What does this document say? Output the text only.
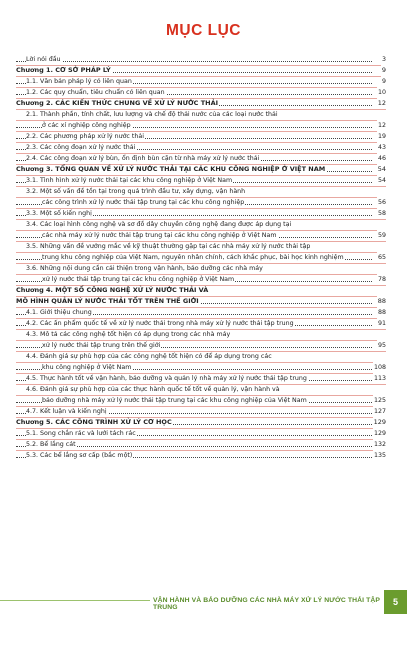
MỤC LỤC
Lời nói đầu	3
Chương 1. CƠ SỞ PHÁP LÝ	9
1.1. Văn bản pháp lý có liên quan	9
1.2. Các quy chuẩn, tiêu chuẩn có liên quan	10
Chương 2. CÁC KIẾN THỨC CHUNG VỀ XỬ LÝ NƯỚC THẢI	12
2.1. Thành phần, tính chất, lưu lượng và chế độ thải nước của các loại nước thải
ở các xí nghiệp công nghiệp	12
2.2. Các phương pháp xử lý nước thải	19
2.3. Các công đoạn xử lý nước thải	43
2.4. Các công đoạn xử lý bùn, ổn định bùn cặn từ nhà máy xử lý nước thải	46
Chương 3. TỔNG QUAN VỀ XỬ LÝ NƯỚC THẢI TẠI CÁC KHU CÔNG NGHIỆP Ở VIỆT NAM	54
3.1. Tình hình xử lý nước thải tại các khu công nghiệp ở Việt Nam	54
3.2. Một số vấn đề tồn tại trong quá trình đầu tư, xây dựng, vận hành
các công trình xử lý nước thải tập trung tại các khu công nghiệp	56
3.3. Một số kiến nghị	58
3.4. Các loại hình công nghệ và sơ đồ dây chuyền công nghệ đang được áp dụng tại
các nhà máy xử lý nước thải tập trung tại các khu công nghiệp ở Việt Nam	59
3.5. Những vấn đề vướng mắc về kỹ thuật thường gặp tại các nhà máy xử lý nước thải tập
trung khu công nghiệp của Việt Nam, nguyên nhân chính, cách khắc phục, bài học kinh nghiệm	65
3.6. Những nội dung cần cải thiện trong vận hành, bảo dưỡng các nhà máy
xử lý nước thải tập trung tại các khu công nghiệp ở Việt Nam	78
Chương 4. MỘT SỐ CÔNG NGHỆ XỬ LÝ NƯỚC THẢI VÀ
MÔ HÌNH QUẢN LÝ NƯỚC THẢI TỐT TRÊN THẾ GIỚI	88
4.1. Giới thiệu chung	88
4.2. Các ấn phẩm quốc tế về xử lý nước thải trong nhà máy xử lý nước thải tập trung	91
4.3. Mô tả các công nghệ tốt hiện có áp dụng trong các nhà máy
xử lý nước thải tập trung trên thế giới	95
4.4. Đánh giá sự phù hợp của các công nghệ tốt hiện có để áp dụng trong các
khu công nghiệp ở Việt Nam	108
4.5. Thực hành tốt về vận hành, bảo dưỡng và quản lý nhà máy xử lý nước thải tập trung	113
4.6. Đánh giá sự phù hợp của các thực hành quốc tế tốt về quản lý, vận hành và
bảo dưỡng nhà máy xử lý nước thải tập trung tại các khu công nghiệp của Việt Nam	125
4.7. Kết luận và kiến nghị	127
Chương 5. CÁC CÔNG TRÌNH XỬ LÝ CƠ HỌC	129
5.1. Song chắn rác và lưới tách rác	129
5.2. Bể lắng cát	132
5.3. Các bể lắng sơ cấp (bắc một)	135
VẬN HÀNH VÀ BẢO DƯỠNG CÁC NHÀ MÁY XỬ LÝ NƯỚC THẢI TẬP TRUNG
5
